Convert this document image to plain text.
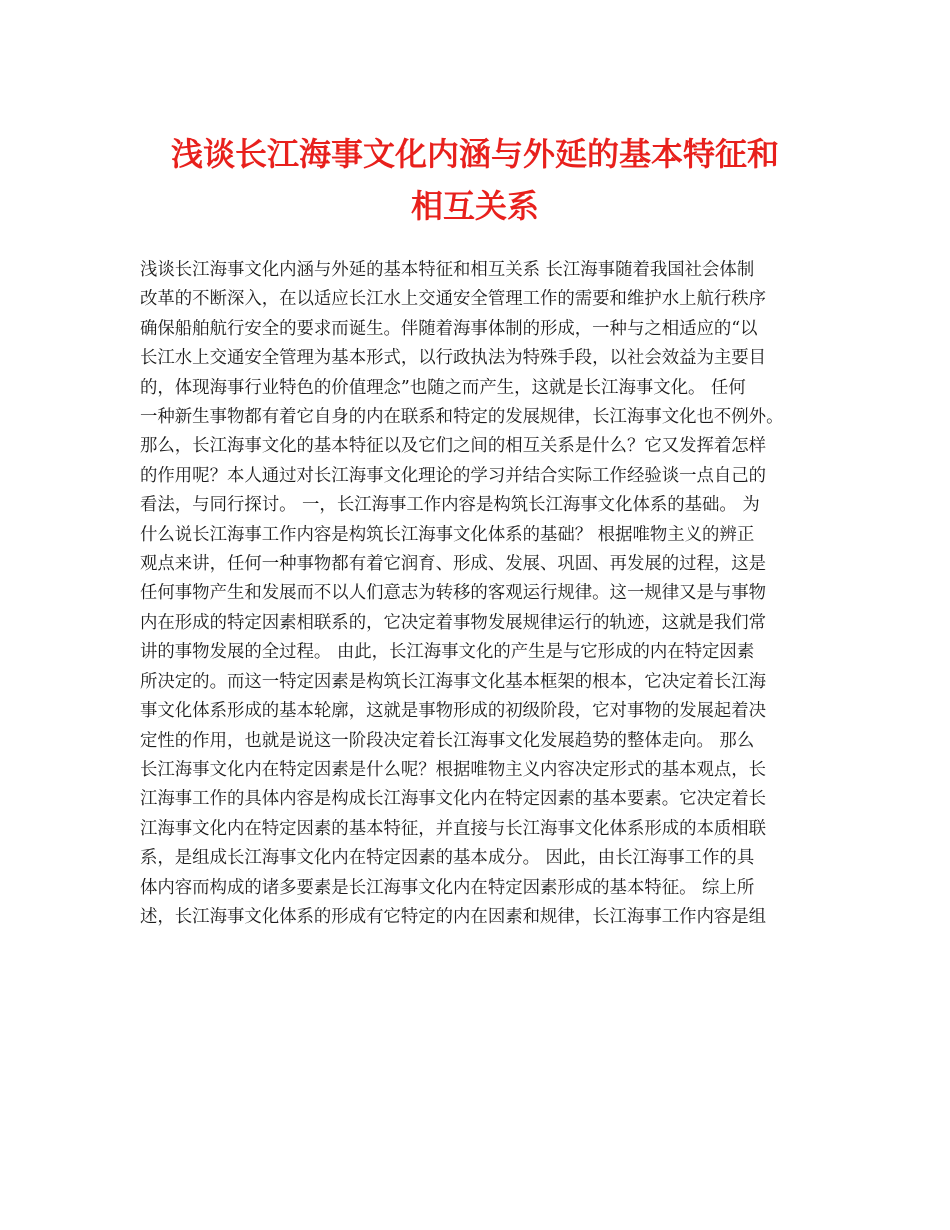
浅谈长江海事文化内涵与外延的基本特征和
相互关系
浅谈长江海事文化内涵与外延的基本特征和相互关系 长江海事随着我国社会体制
改革的不断深入，在以适应长江水上交通安全管理工作的需要和维护水上航行秩序
确保船舶航行安全的要求而诞生。伴随着海事体制的形成，一种与之相适应的“以
长江水上交通安全管理为基本形式，以行政执法为特殊手段，以社会效益为主要目
的，体现海事行业特色的价值理念”也随之而产生，这就是长江海事文化。 任何
一种新生事物都有着它自身的内在联系和特定的发展规律，长江海事文化也不例外。
那么，长江海事文化的基本特征以及它们之间的相互关系是什么？它又发挥着怎样
的作用呢？本人通过对长江海事文化理论的学习并结合实际工作经验谈一点自己的
看法，与同行探讨。 一，长江海事工作内容是构筑长江海事文化体系的基础。 为
什么说长江海事工作内容是构筑长江海事文化体系的基础？ 根据唯物主义的辨正
观点来讲，任何一种事物都有着它润育、形成、发展、巩固、再发展的过程，这是
任何事物产生和发展而不以人们意志为转移的客观运行规律。这一规律又是与事物
内在形成的特定因素相联系的，它决定着事物发展规律运行的轨迹，这就是我们常
讲的事物发展的全过程。 由此，长江海事文化的产生是与它形成的内在特定因素
所决定的。而这一特定因素是构筑长江海事文化基本框架的根本，它决定着长江海
事文化体系形成的基本轮廓，这就是事物形成的初级阶段，它对事物的发展起着决
定性的作用，也就是说这一阶段决定着长江海事文化发展趋势的整体走向。 那么
长江海事文化内在特定因素是什么呢？根据唯物主义内容决定形式的基本观点，长
江海事工作的具体内容是构成长江海事文化内在特定因素的基本要素。它决定着长
江海事文化内在特定因素的基本特征，并直接与长江海事文化体系形成的本质相联
系，是组成长江海事文化内在特定因素的基本成分。 因此，由长江海事工作的具
体内容而构成的诸多要素是长江海事文化内在特定因素形成的基本特征。 综上所
述，长江海事文化体系的形成有它特定的内在因素和规律，长江海事工作内容是组
